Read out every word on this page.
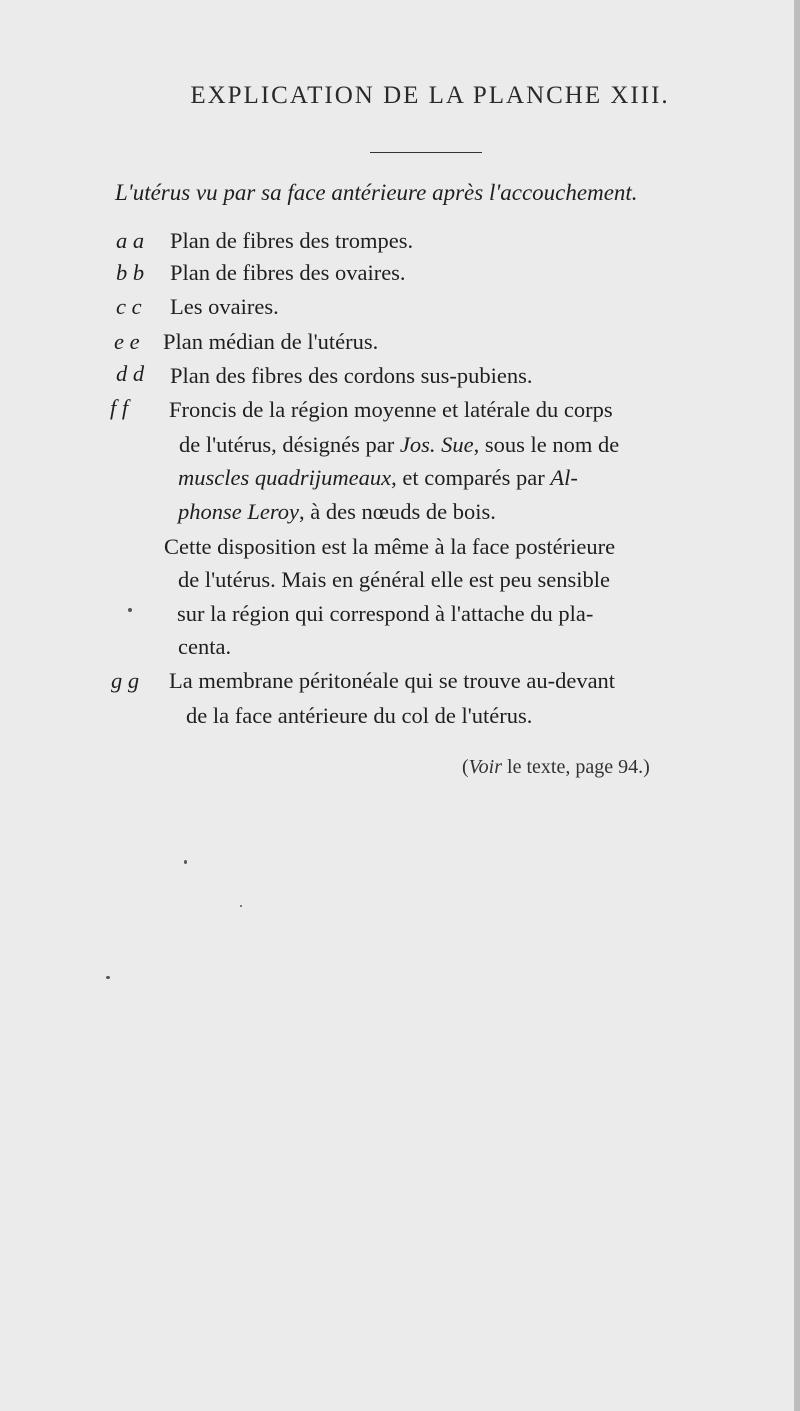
EXPLICATION DE LA PLANCHE XIII.
L'utérus vu par sa face antérieure après l'accouchement.
a a Plan de fibres des trompes.
b b Plan de fibres des ovaires.
c c Les ovaires.
e e Plan médian de l'utérus.
d d Plan des fibres des cordons sus-pubiens.
f f Froncis de la région moyenne et latérale du corps
de l'utérus, désignés par Jos. Sue, sous le nom de
muscles quadrijumeaux, et comparés par Al-
phonse Leroy, à des nœuds de bois.
Cette disposition est la même à la face postérieure
de l'utérus. Mais en général elle est peu sensible
sur la région qui correspond à l'attache du pla-
centa.
g g La membrane péritonéale qui se trouve au-devant
de la face antérieure du col de l'utérus.
(Voir le texte, page 94.)
